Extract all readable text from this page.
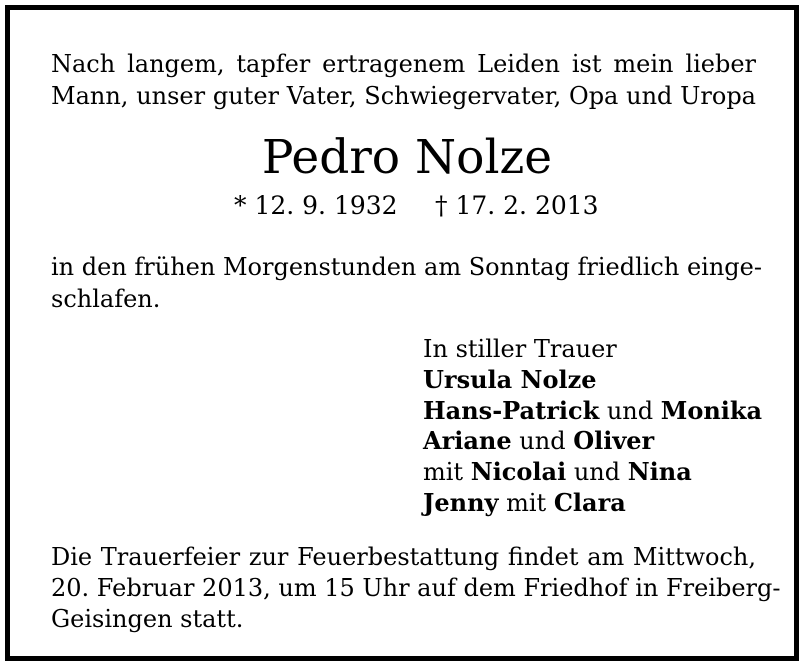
Nach langem, tapfer ertragenem Leiden ist mein lieber
Mann, unser guter Vater, Schwiegervater, Opa und Uropa
Pedro Nolze
* 12. 9. 1932 † 17. 2. 2013
in den frühen Morgenstunden am Sonntag friedlich einge-
schlafen.
In stiller Trauer
Ursula Nolze
Hans-Patrick und Monika
Ariane und Oliver
mit Nicolai und Nina
Jenny mit Clara
Die Trauerfeier zur Feuerbestattung findet am Mittwoch,
20. Februar 2013, um 15 Uhr auf dem Friedhof in Freiberg-
Geisingen statt.
